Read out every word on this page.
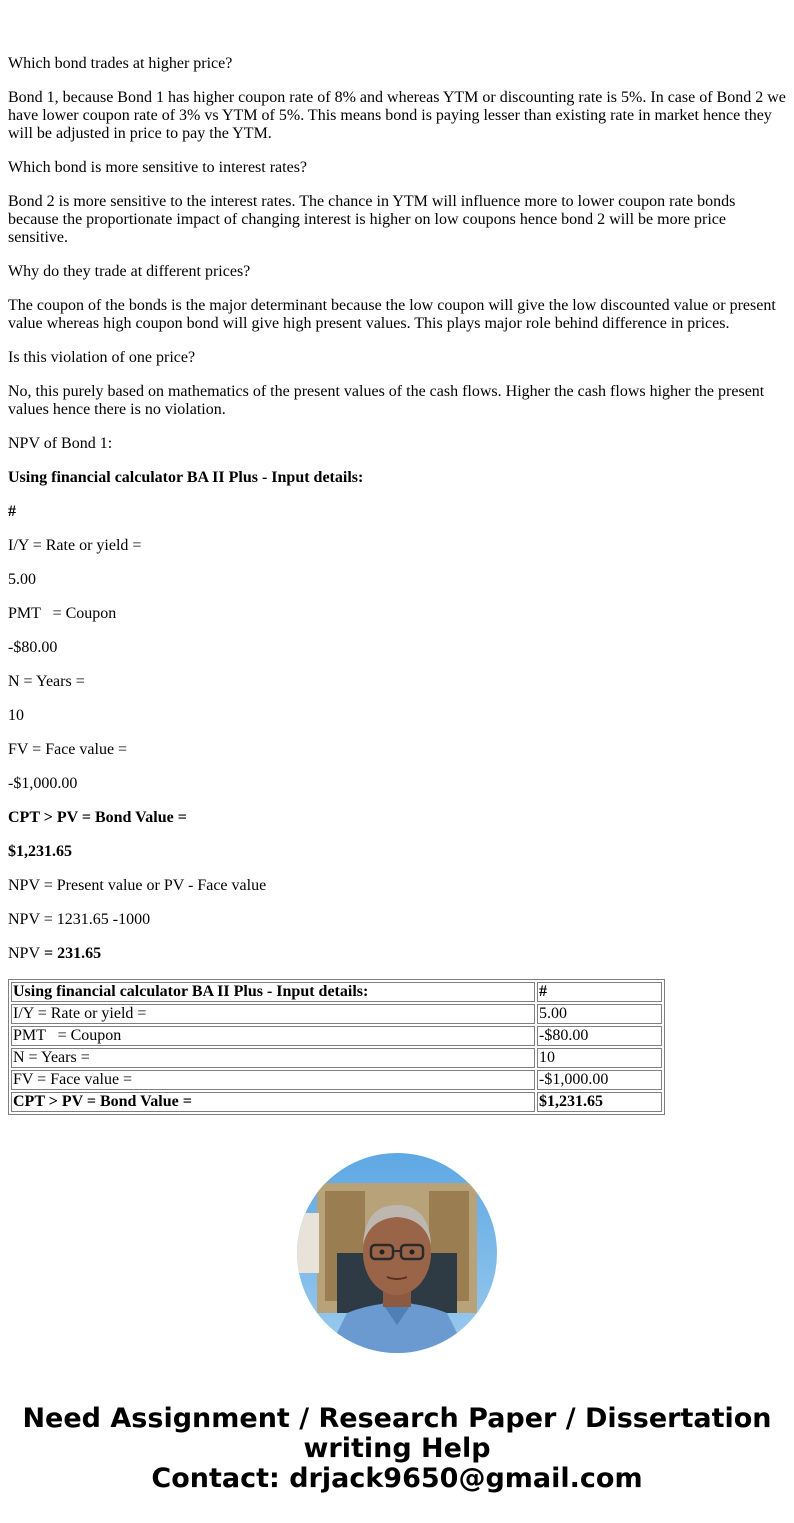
Which bond trades at higher price?

Bond 1, because Bond 1 has higher coupon rate of 8% and whereas YTM or discounting rate is 5%. In case of Bond 2 we have lower coupon rate of 3% vs YTM of 5%. This means bond is paying lesser than existing rate in market hence they will be adjusted in price to pay the YTM.

Which bond is more sensitive to interest rates?

Bond 2 is more sensitive to the interest rates. The chance in YTM will influence more to lower coupon rate bonds because the proportionate impact of changing interest is higher on low coupons hence bond 2 will be more price sensitive.

Why do they trade at different prices?

The coupon of the bonds is the major determinant because the low coupon will give the low discounted value or present value whereas high coupon bond will give high present values. This plays major role behind difference in prices.

Is this violation of one price?

No, this purely based on mathematics of the present values of the cash flows. Higher the cash flows higher the present values hence there is no violation.

NPV of Bond 1:

Using financial calculator BA II Plus - Input details:

#

I/Y = Rate or yield =

5.00

PMT   = Coupon

-$80.00

N = Years =

10

FV = Face value =

-$1,000.00

CPT > PV = Bond Value =

$1,231.65

NPV = Present value or PV - Face value

NPV = 1231.65 -1000

NPV = 231.65

Using financial calculator BA II Plus - Input details:	#
I/Y = Rate or yield =	5.00
PMT   = Coupon	-$80.00
N = Years =	10
FV = Face value =	-$1,000.00
CPT > PV = Bond Value =	$1,231.65
Need Assignment / Research Paper / Dissertation
writing Help
Contact: drjack9650@gmail.com
